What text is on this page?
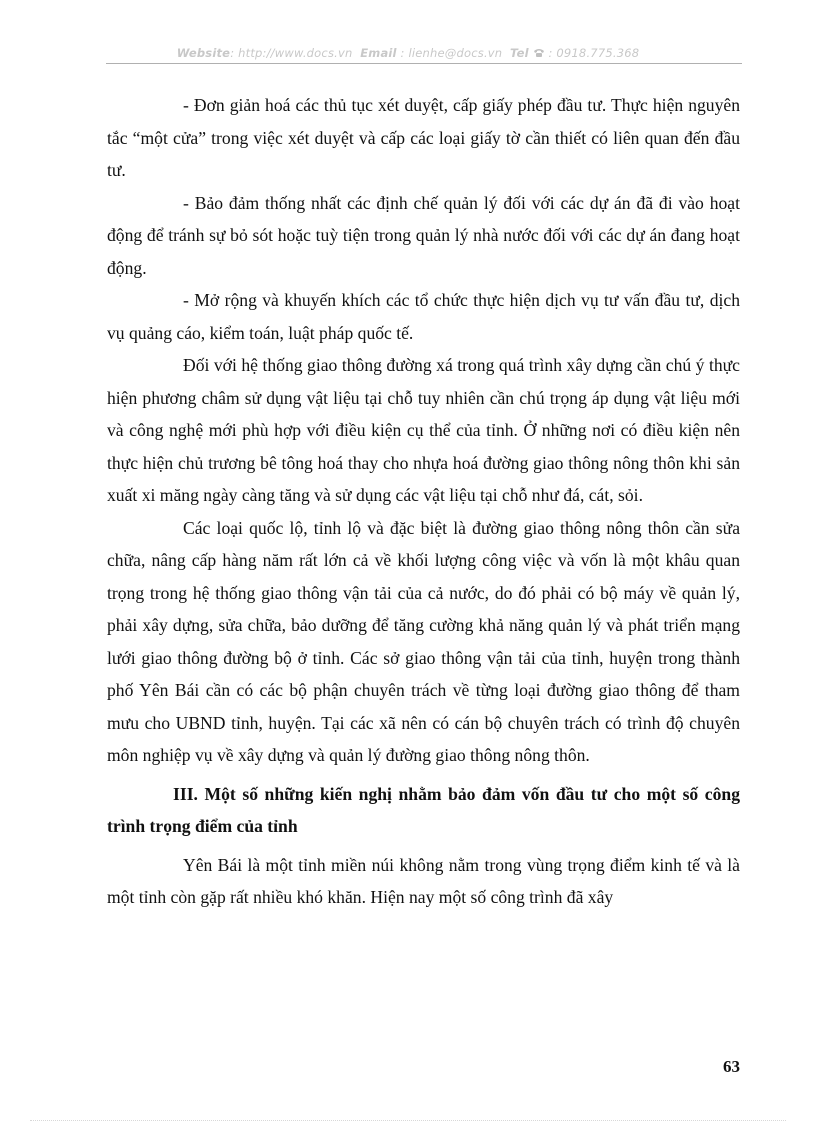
Website: http://www.docs.vn Email : lienhe@docs.vn Tel : 0918.775.368

- Đơn giản hoá các thủ tục xét duyệt, cấp giấy phép đầu tư. Thực hiện nguyên tắc “một cửa” trong việc xét duyệt và cấp các loại giấy tờ cần thiết có liên quan đến đầu tư.

- Bảo đảm thống nhất các định chế quản lý đối với các dự án đã đi vào hoạt động để tránh sự bỏ sót hoặc tuỳ tiện trong quản lý nhà nước đối với các dự án đang hoạt động.

- Mở rộng và khuyến khích các tổ chức thực hiện dịch vụ tư vấn đầu tư, dịch vụ quảng cáo, kiểm toán, luật pháp quốc tế.

Đối với hệ thống giao thông đường xá trong quá trình xây dựng cần chú ý thực hiện phương châm sử dụng vật liệu tại chỗ tuy nhiên cần chú trọng áp dụng vật liệu mới và công nghệ mới phù hợp với điều kiện cụ thể của tỉnh. Ở những nơi có điều kiện nên thực hiện chủ trương bê tông hoá thay cho nhựa hoá đường giao thông nông thôn khi sản xuất xi măng ngày càng tăng và sử dụng các vật liệu tại chỗ như đá, cát, sỏi.

Các loại quốc lộ, tỉnh lộ và đặc biệt là đường giao thông nông thôn cần sửa chữa, nâng cấp hàng năm rất lớn cả về khối lượng công việc và vốn là một khâu quan trọng trong hệ thống giao thông vận tải của cả nước, do đó phải có bộ máy về quản lý, phải xây dựng, sửa chữa, bảo dưỡng để tăng cường khả năng quản lý và phát triển mạng lưới giao thông đường bộ ở tỉnh. Các sở giao thông vận tải của tỉnh, huyện trong thành phố Yên Bái cần có các bộ phận chuyên trách về từng loại đường giao thông để tham mưu cho UBND tỉnh, huyện. Tại các xã nên có cán bộ chuyên trách có trình độ chuyên môn nghiệp vụ về xây dựng và quản lý đường giao thông nông thôn.

III. Một số những kiến nghị nhằm bảo đảm vốn đầu tư cho một số công trình trọng điểm của tỉnh

Yên Bái là một tỉnh miền núi không nằm trong vùng trọng điểm kinh tế và là một tỉnh còn gặp rất nhiều khó khăn. Hiện nay một số công trình đã xây

63
